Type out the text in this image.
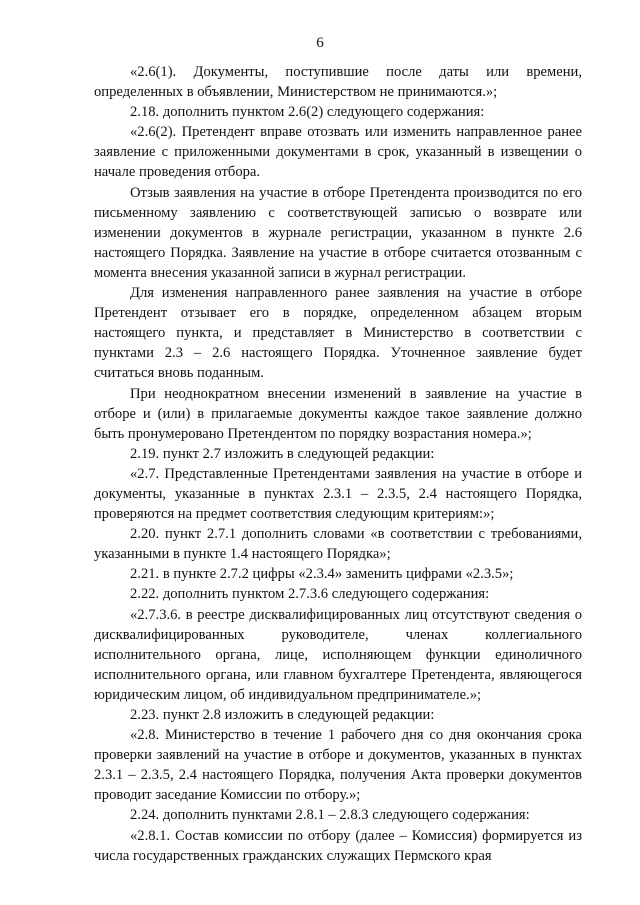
6

«2.6(1). Документы, поступившие после даты или времени, определенных в объявлении, Министерством не принимаются.»;

2.18. дополнить пунктом 2.6(2) следующего содержания:

«2.6(2). Претендент вправе отозвать или изменить направленное ранее заявление с приложенными документами в срок, указанный в извещении о начале проведения отбора.

Отзыв заявления на участие в отборе Претендента производится по его письменному заявлению с соответствующей записью о возврате или изменении документов в журнале регистрации, указанном в пункте 2.6 настоящего Порядка. Заявление на участие в отборе считается отозванным с момента внесения указанной записи в журнал регистрации.

Для изменения направленного ранее заявления на участие в отборе Претендент отзывает его в порядке, определенном абзацем вторым настоящего пункта, и представляет в Министерство в соответствии с пунктами 2.3 – 2.6 настоящего Порядка. Уточненное заявление будет считаться вновь поданным.

При неоднократном внесении изменений в заявление на участие в отборе и (или) в прилагаемые документы каждое такое заявление должно быть пронумеровано Претендентом по порядку возрастания номера.»;

2.19. пункт 2.7 изложить в следующей редакции:

«2.7. Представленные Претендентами заявления на участие в отборе и документы, указанные в пунктах 2.3.1 – 2.3.5, 2.4 настоящего Порядка, проверяются на предмет соответствия следующим критериям:»;

2.20. пункт 2.7.1 дополнить словами «в соответствии с требованиями, указанными в пункте 1.4 настоящего Порядка»;

2.21. в пункте 2.7.2 цифры «2.3.4» заменить цифрами «2.3.5»;

2.22. дополнить пунктом 2.7.3.6 следующего содержания:

«2.7.3.6. в реестре дисквалифицированных лиц отсутствуют сведения о дисквалифицированных руководителе, членах коллегиального исполнительного органа, лице, исполняющем функции единоличного исполнительного органа, или главном бухгалтере Претендента, являющегося юридическим лицом, об индивидуальном предпринимателе.»;

2.23. пункт 2.8 изложить в следующей редакции:

«2.8. Министерство в течение 1 рабочего дня со дня окончания срока проверки заявлений на участие в отборе и документов, указанных в пунктах 2.3.1 – 2.3.5, 2.4 настоящего Порядка, получения Акта проверки документов проводит заседание Комиссии по отбору.»;

2.24. дополнить пунктами 2.8.1 – 2.8.3 следующего содержания:

«2.8.1. Состав комиссии по отбору (далее – Комиссия) формируется из числа государственных гражданских служащих Пермского края
